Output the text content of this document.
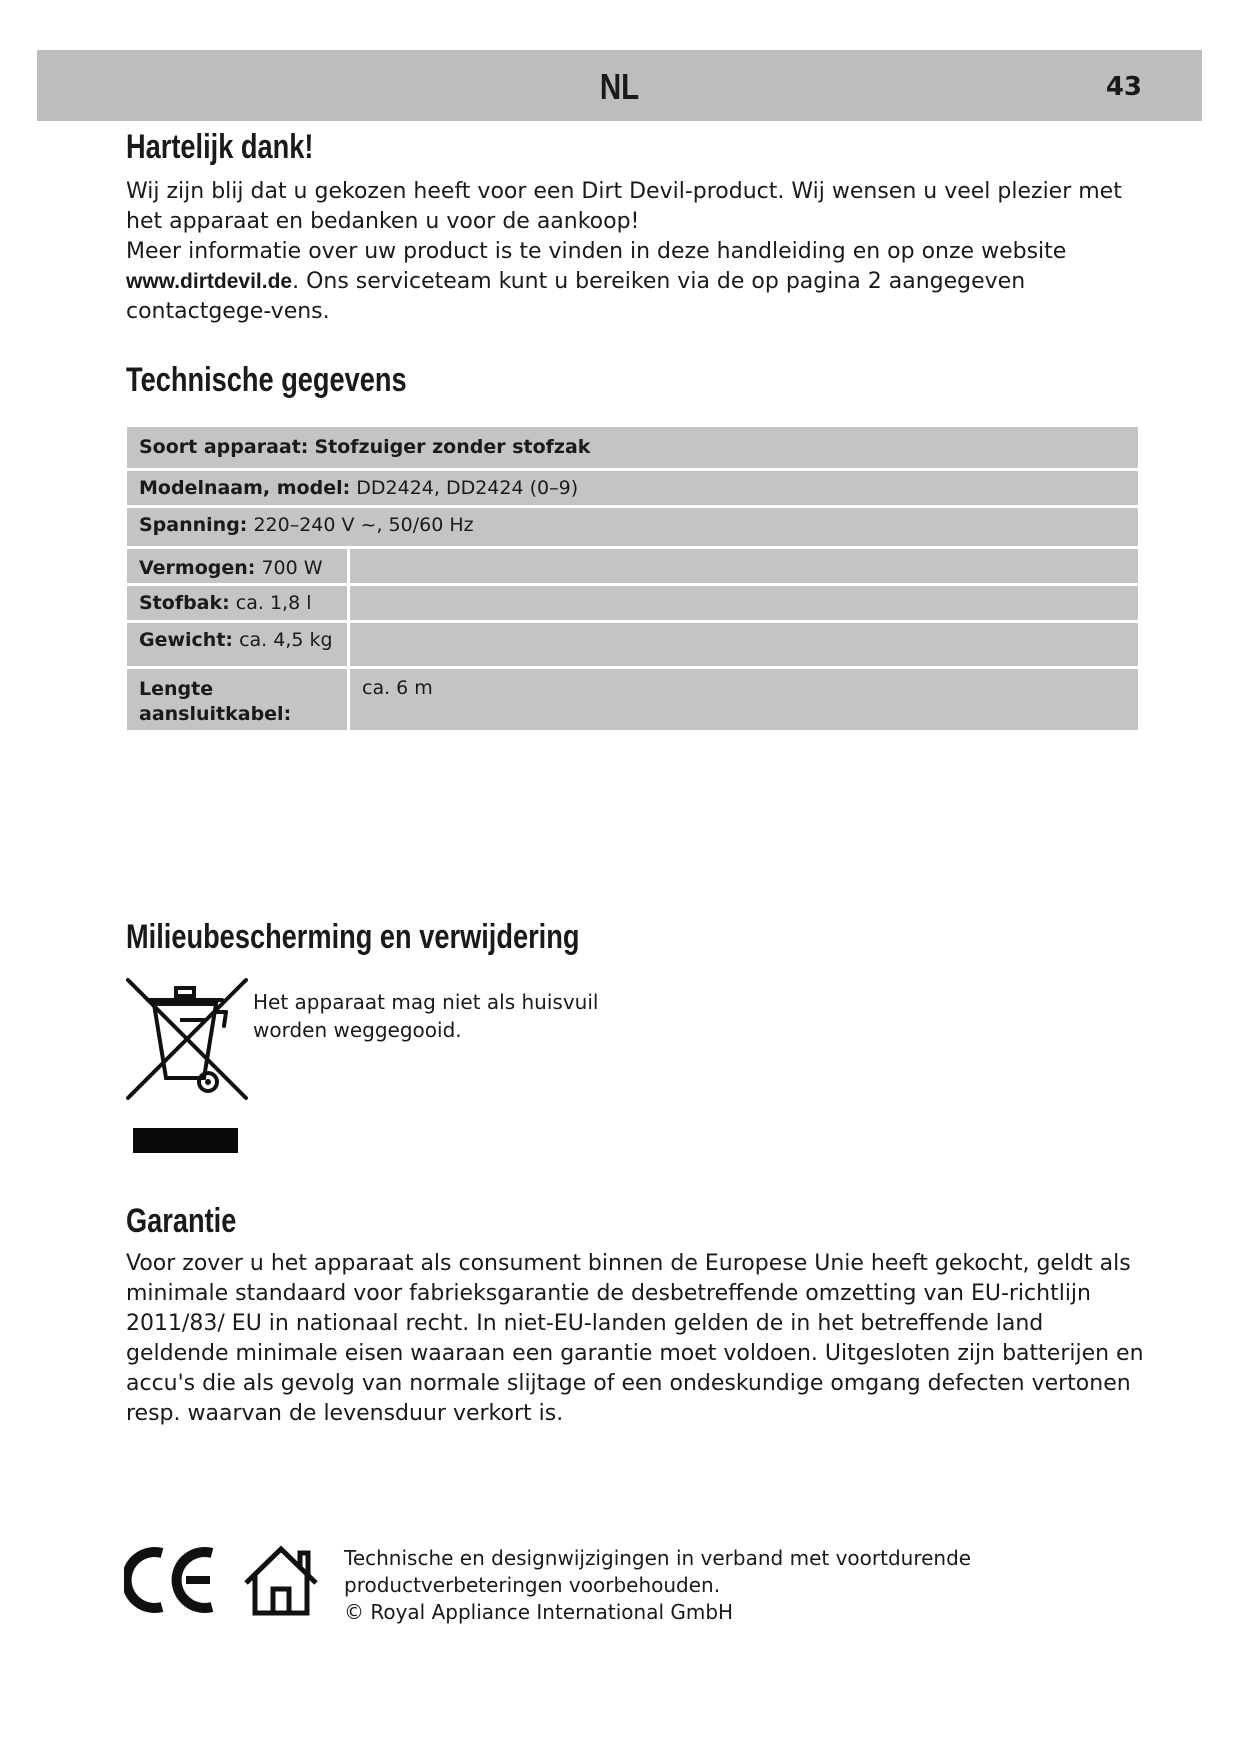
NL	43
Hartelijk dank!

Wij zijn blij dat u gekozen heeft voor een Dirt Devil-product. Wij wensen u veel plezier met het apparaat en bedanken u voor de aankoop!

Meer informatie over uw product is te vinden in deze handleiding en op onze website www.dirtdevil.de. Ons serviceteam kunt u bereiken via de op pagina 2 aangegeven contactgege-vens.

Technische gegevens
Soort apparaat: Stofzuiger zonder stofzak	
Modelnaam, model: DD2424, DD2424 (0–9)	
Spanning: 220–240 V ~, 50/60 Hz	
Vermogen: 700 W	
Stofbak: ca. 1,8 l	
Gewicht: ca. 4,5 kg	
Lengte aansluitkabel:	ca. 6 m
Milieubescherming en verwijdering
Het apparaat mag niet als huisvuil worden weggegooid.
Garantie
Voor zover u het apparaat als consument binnen de Europese Unie heeft gekocht, geldt als minimale standaard voor fabrieksgarantie de desbetreffende omzetting van EU-richtlijn 2011/83/ EU in nationaal recht. In niet-EU-landen gelden de in het betreffende land geldende minimale eisen waaraan een garantie moet voldoen. Uitgesloten zijn batterijen en accu's die als gevolg van normale slijtage of een ondeskundige omgang defecten vertonen resp. waarvan de levensduur verkort is.

Technische en designwijzigingen in verband met voortdurende productverbeteringen voorbehouden.

© Royal Appliance International GmbH
